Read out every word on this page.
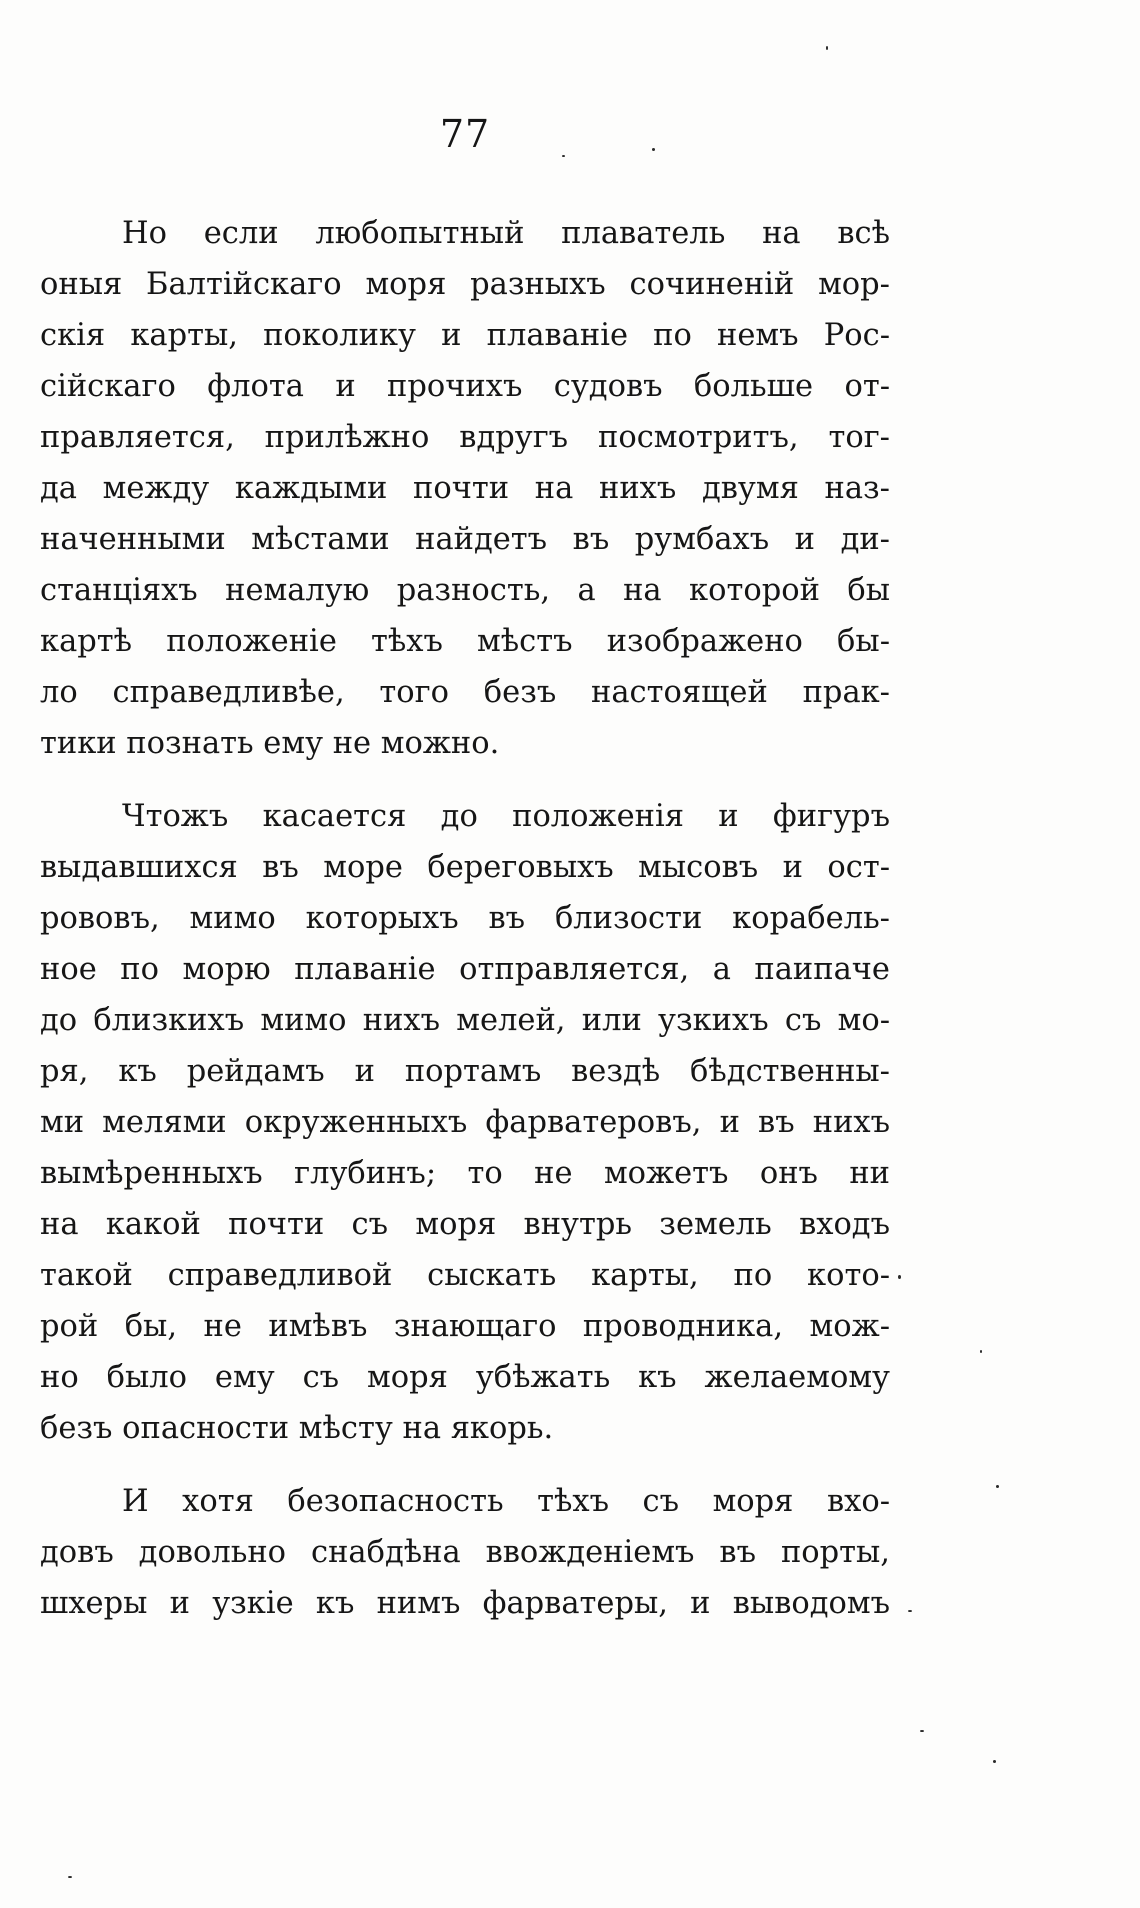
77
Но если любопытный плаватель на всѣ
оныя Балтійскаго моря разныхъ сочиненій мор-
скія карты, поколику и плаваніе по немъ Рос-
сійскаго флота и прочихъ судовъ больше от-
правляется, прилѣжно вдругъ посмотритъ, тог-
да между каждыми почти на нихъ двумя наз-
наченными мѣстами найдетъ въ румбахъ и ди-
станціяхъ немалую разность, а на которой бы
картѣ положеніе тѣхъ мѣстъ изображено бы-
ло справедливѣе, того безъ настоящей прак-
тики познать ему не можно.
Чтожъ касается до положенія и фигуръ
выдавшихся въ море береговыхъ мысовъ и ост-
рововъ, мимо которыхъ въ близости корабель-
ное по морю плаваніе отправляется, а паипаче
до близкихъ мимо нихъ мелей, или узкихъ съ мо-
ря, къ рейдамъ и портамъ вездѣ бѣдственны-
ми мелями окруженныхъ фарватеровъ, и въ нихъ
вымѣренныхъ глубинъ; то не можетъ онъ ни
на какой почти съ моря внутрь земель входъ
такой справедливой сыскать карты, по кото-
рой бы, не имѣвъ знающаго проводника, мож-
но было ему съ моря убѣжать къ желаемому
безъ опасности мѣсту на якорь.
И хотя безопасность тѣхъ съ моря вхо-
довъ довольно снабдѣна ввожденіемъ въ порты,
шхеры и узкіе къ нимъ фарватеры, и выводомъ
